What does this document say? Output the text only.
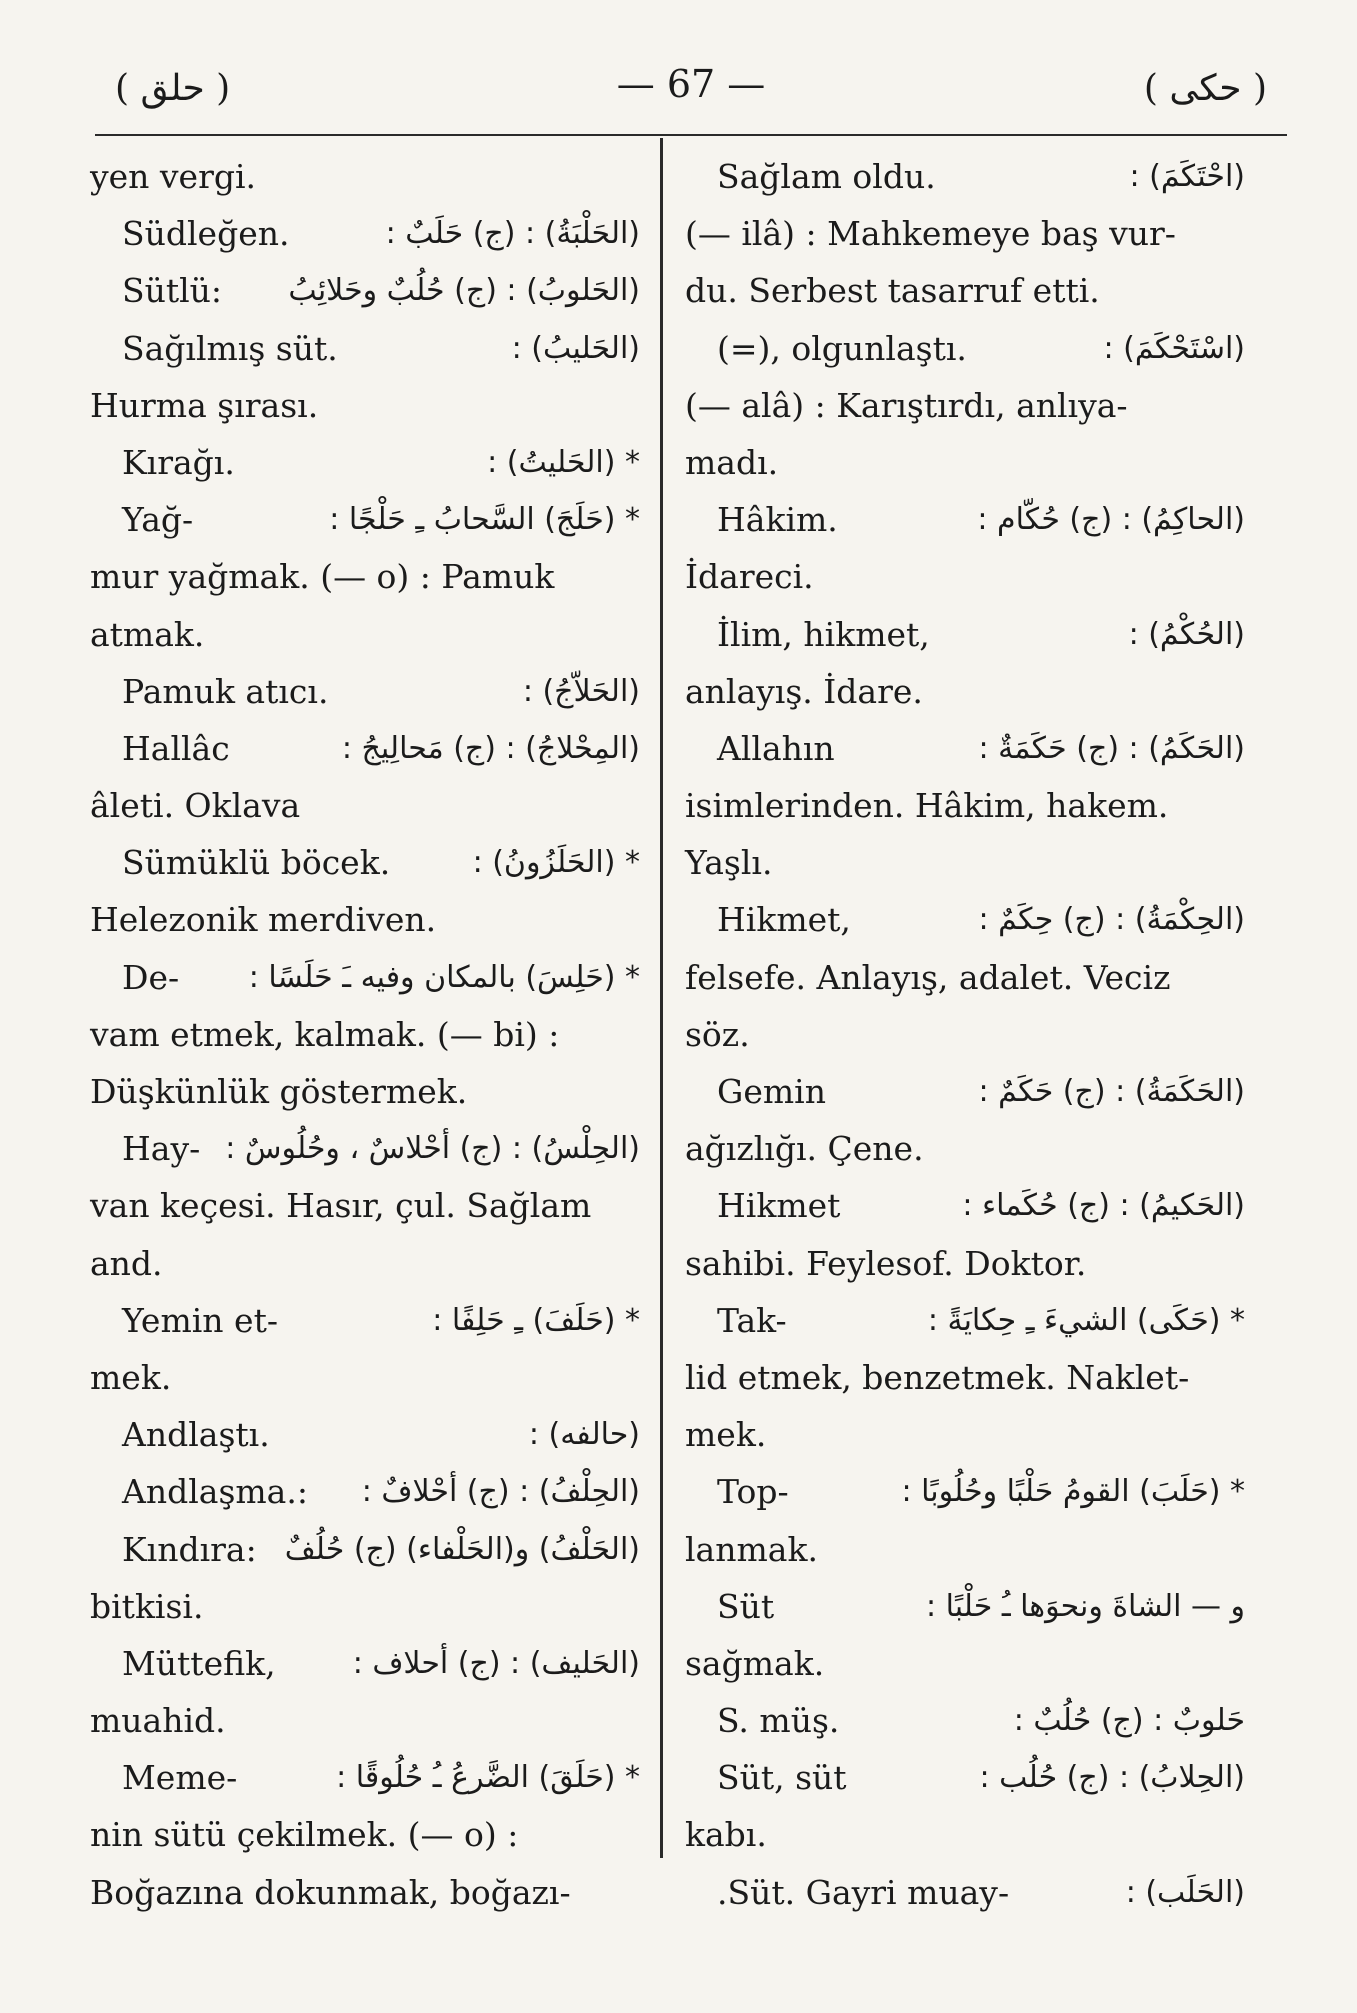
( حلق )	— 67 —	( حكى )
yen vergi.
Südleğen.	(الحَلْبَةُ) : (ج) حَلَبٌ :
Sütlü: (الحَلوبُ) : (ج) حُلُبٌ وحَلائِبُ
Sağılmış süt.	(الحَليبُ) :
Hurma şırası.
Kırağı.	* (الحَليتُ) :
Yağ-	* (حَلَجَ) السَّحابُ ـِ حَلْجًا :
mur yağmak. (— o) : Pamuk
atmak.
Pamuk atıcı.	(الحَلاّجُ) :
Hallâc	(المِحْلاجُ) : (ج) مَحالِيجُ :
âleti. Oklava
Sümüklü böcek.	* (الحَلَزُونُ) :
Helezonik merdiven.
De- * (حَلِسَ) بالمكان وفيه ـَ حَلَسًا :
vam etmek, kalmak. (— bi) :
Düşkünlük göstermek.
Hay- (الحِلْسُ) : (ج) أحْلاسٌ ، وحُلُوسٌ :
van keçesi. Hasır, çul. Sağlam
and.
Yemin et-	* (حَلَفَ) ـِ حَلِفًا :
mek.
Andlaştı.	(حالفه) :
Andlaşma.: (الحِلْفُ) : (ج) أحْلافٌ :
Kındıra: (الحَلْفُ) و(الحَلْفاء) (ج) حُلُفٌ
bitkisi.
Müttefik,	(الحَليف) : (ج) أحلاف :
muahid.
Meme-	* (حَلَقَ) الضَّرعُ ـُ حُلُوقًا :
nin sütü çekilmek. (— o) :
Boğazına dokunmak, boğazı-
Sağlam oldu.	(احْتَكَمَ) :
(— ilâ) : Mahkemeye baş vur-
du. Serbest tasarruf etti.
(=), olgunlaştı.	(اسْتَحْكَمَ) :
(— alâ) : Karıştırdı, anlıya-
madı.
Hâkim.	(الحاكِمُ) : (ج) حُكّام :
İdareci.
İlim, hikmet,	(الحُكْمُ) :
anlayış. İdare.
Allahın	(الحَكَمُ) : (ج) حَكَمَةٌ :
isimlerinden. Hâkim, hakem.
Yaşlı.
Hikmet,	(الحِكْمَةُ) : (ج) حِكَمٌ :
felsefe. Anlayış, adalet. Veciz
söz.
Gemin	(الحَكَمَةُ) : (ج) حَكَمٌ :
ağızlığı. Çene.
Hikmet	(الحَكيمُ) : (ج) حُكَماء :
sahibi. Feylesof. Doktor.
Tak-	* (حَكَى) الشيءَ ـِ حِكايَةً :
lid etmek, benzetmek. Naklet-
mek.
Top-	* (حَلَبَ) القومُ حَلْبًا وحُلُوبًا :
lanmak.
Süt	و — الشاةَ ونحوَها ـُ حَلْبًا :
sağmak.
S. müş.	حَلوبٌ : (ج) حُلُبٌ :
Süt, süt	(الحِلابُ) : (ج) حُلُب :
kabı.
.Süt. Gayri muay-	(الحَلَب) :
